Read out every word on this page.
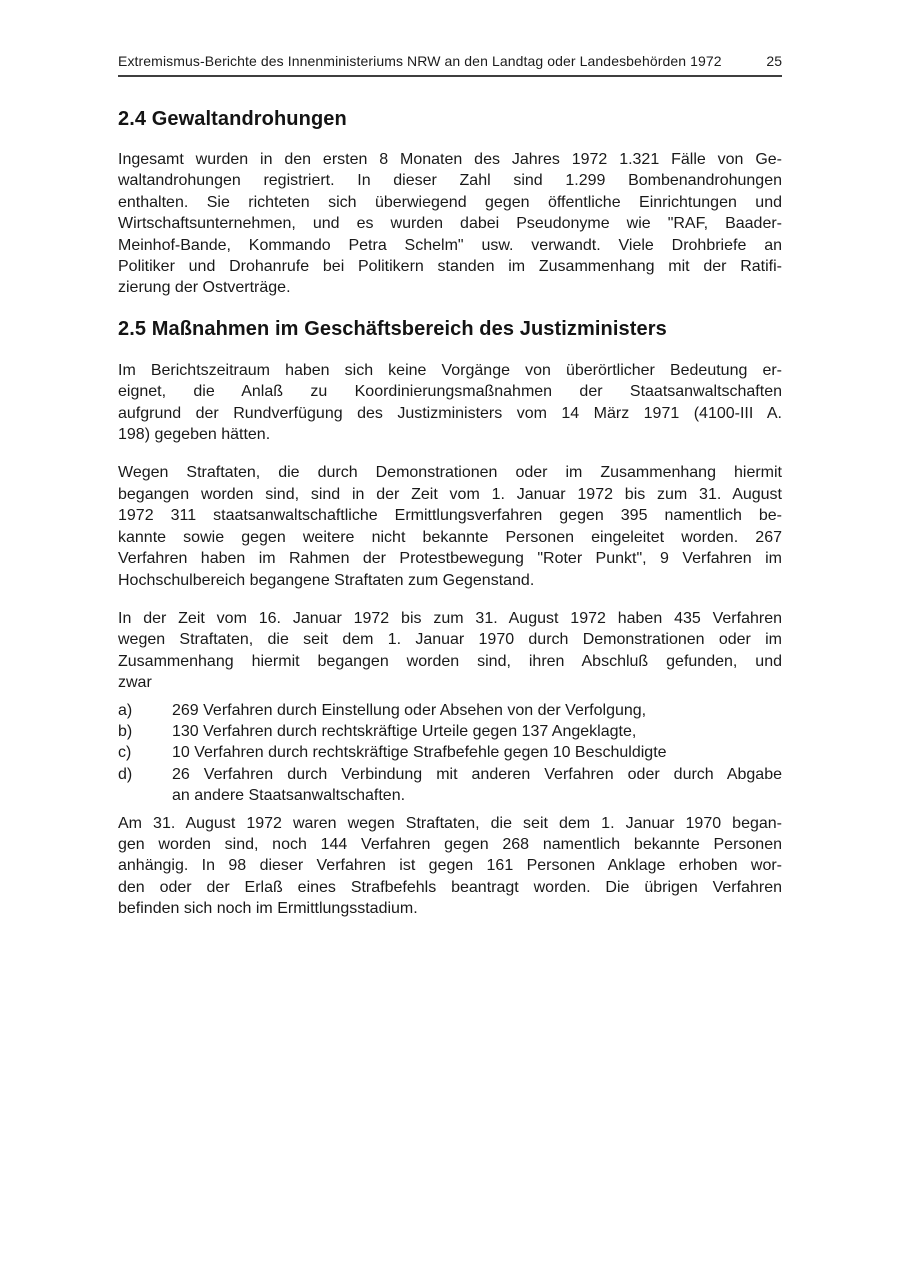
Extremismus-Berichte des Innenministeriums NRW an den Landtag oder Landesbehörden 1972	25
2.4 Gewaltandrohungen
Ingesamt wurden in den ersten 8 Monaten des Jahres 1972 1.321 Fälle von Ge-
waltandrohungen registriert. In dieser Zahl sind 1.299 Bombenandrohungen
enthalten. Sie richteten sich überwiegend gegen öffentliche Einrichtungen und
Wirtschaftsunternehmen, und es wurden dabei Pseudonyme wie "RAF, Baader-
Meinhof-Bande, Kommando Petra Schelm" usw. verwandt. Viele Drohbriefe an
Politiker und Drohanrufe bei Politikern standen im Zusammenhang mit der Ratifi-
zierung der Ostverträge.
2.5 Maßnahmen im Geschäftsbereich des Justizministers
Im Berichtszeitraum haben sich keine Vorgänge von überörtlicher Bedeutung er-
eignet, die Anlaß zu Koordinierungsmaßnahmen der Staatsanwaltschaften
aufgrund der Rundverfügung des Justizministers vom 14 März 1971 (4100-III A.
198) gegeben hätten.
Wegen Straftaten, die durch Demonstrationen oder im Zusammenhang hiermit
begangen worden sind, sind in der Zeit vom 1. Januar 1972 bis zum 31. August
1972 311 staatsanwaltschaftliche Ermittlungsverfahren gegen 395 namentlich be-
kannte sowie gegen weitere nicht bekannte Personen eingeleitet worden. 267
Verfahren haben im Rahmen der Protestbewegung "Roter Punkt", 9 Verfahren im
Hochschulbereich begangene Straftaten zum Gegenstand.
In der Zeit vom 16. Januar 1972 bis zum 31. August 1972 haben 435 Verfahren
wegen Straftaten, die seit dem 1. Januar 1970 durch Demonstrationen oder im
Zusammenhang hiermit begangen worden sind, ihren Abschluß gefunden, und
zwar
a)	269 Verfahren durch Einstellung oder Absehen von der Verfolgung,
b)	130 Verfahren durch rechtskräftige Urteile gegen 137 Angeklagte,
c)	10 Verfahren durch rechtskräftige Strafbefehle gegen 10 Beschuldigte
d)	26 Verfahren durch Verbindung mit anderen Verfahren oder durch Abgabe
an andere Staatsanwaltschaften.
Am 31. August 1972 waren wegen Straftaten, die seit dem 1. Januar 1970 began-
gen worden sind, noch 144 Verfahren gegen 268 namentlich bekannte Personen
anhängig. In 98 dieser Verfahren ist gegen 161 Personen Anklage erhoben wor-
den oder der Erlaß eines Strafbefehls beantragt worden. Die übrigen Verfahren
befinden sich noch im Ermittlungsstadium.
